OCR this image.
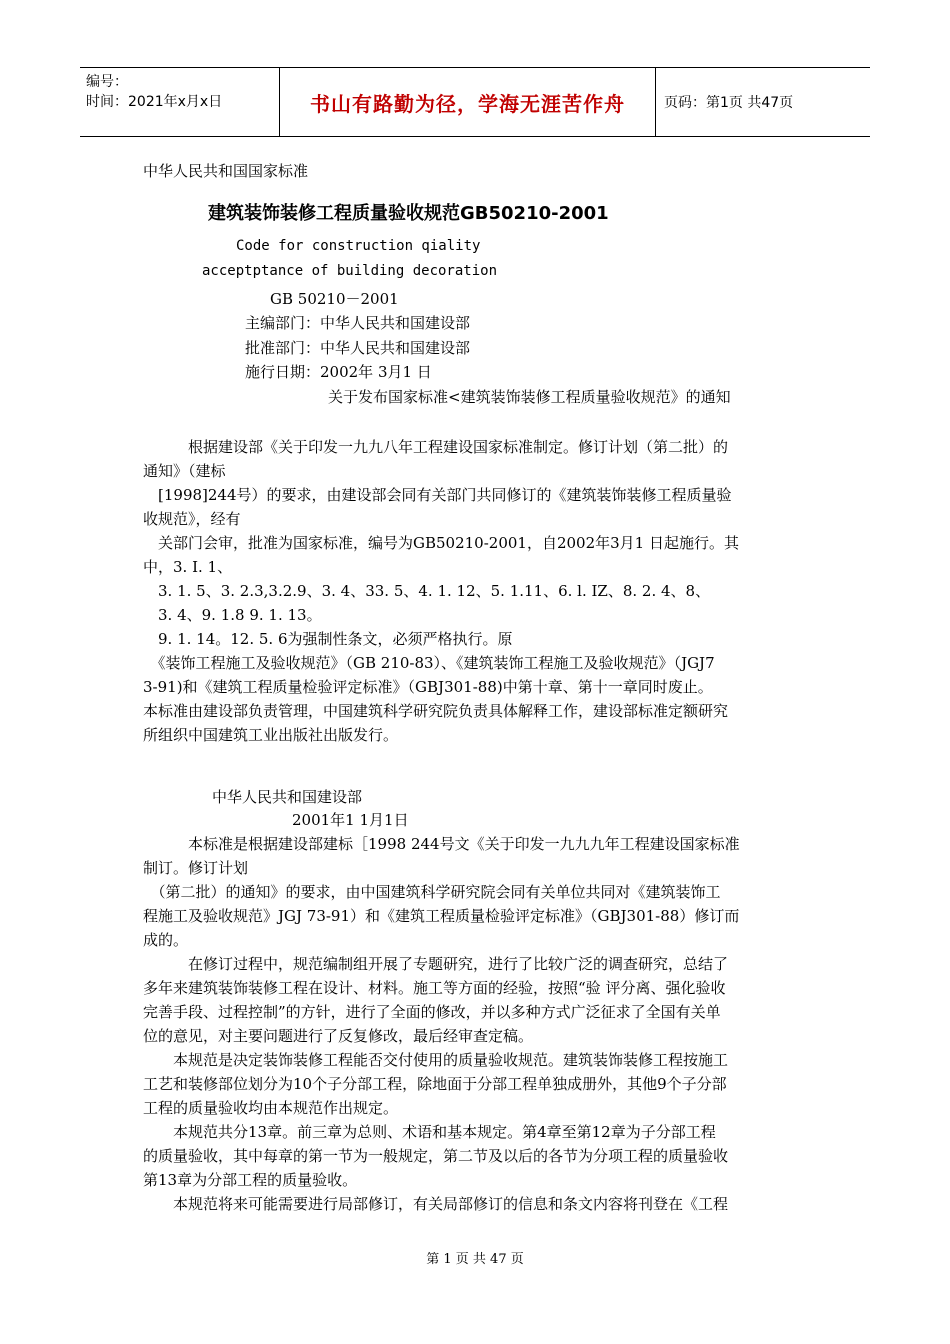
编号：
时间：2021年x月x日	书山有路勤为径，学海无涯苦作舟	页码：第1页 共47页
中华人民共和国国家标准
建筑装饰装修工程质量验收规范GB50210-2001
Code for construction qiality
acceptptance of building decoration
GB 50210－2001
主编部门：中华人民共和国建设部
批准部门：中华人民共和国建设部
施行日期：2002年 3月1 日
关于发布国家标准<建筑装饰装修工程质量验收规范》的通知

　　　根据建设部《关于印发一九九八年工程建设国家标准制定。修订计划（第二批）的

通知》（建标

　[1998]244号）的要求，由建设部会同有关部门共同修订的《建筑装饰装修工程质量验

收规范》，经有

　关部门会审，批准为国家标准，编号为GB50210-2001，自2002年3月1 日起施行。其

中，3. I. 1、

　3. 1. 5、3. 2.3,3.2.9、3. 4、33. 5、4. 1. 12、5. 1.11、6. l. IZ、8. 2. 4、8、

　3. 4、9. 1.8 9. 1. 13。

　9. 1. 14。12. 5. 6为强制性条文，必须严格执行。原

　《装饰工程施工及验收规范》（GB 210-83）、《建筑装饰工程施工及验收规范》（JGJ7

3-91)和《建筑工程质量检验评定标准》（GBJ301-88)中第十章、第十一章同时废止。

本标准由建设部负责管理，中国建筑科学研究院负责具体解释工作，建设部标准定额研究

所组织中国建筑工业出版社出版发行。

中华人民共和国建设部
2001年1 1月1日

　　　本标准是根据建设部建标［1998 244号文《关于印发一九九九年工程建设国家标准

制订。修订计划

　（第二批）的通知》的要求，由中国建筑科学研究院会同有关单位共同对《建筑装饰工

程施工及验收规范》JGJ 73-91）和《建筑工程质量检验评定标准》（GBJ301-88）修订而

成的。

　　　在修订过程中，规范编制组开展了专题研究，进行了比较广泛的调查研究，总结了

多年来建筑装饰装修工程在设计、材料。施工等方面的经验，按照“验 评分离、强化验收

完善手段、过程控制”的方针，进行了全面的修改，并以多种方式广泛征求了全国有关单

位的意见，对主要问题进行了反复修改，最后经审查定稿。

　　本规范是决定装饰装修工程能否交付使用的质量验收规范。建筑装饰装修工程按施工

工艺和装修部位划分为10个子分部工程，除地面于分部工程单独成册外，其他9个子分部

工程的质量验收均由本规范作出规定。

　　本规范共分13章。前三章为总则、术语和基本规定。第4章至第12章为子分部工程

的质量验收，其中每章的第一节为一般规定，第二节及以后的各节为分项工程的质量验收

第13章为分部工程的质量验收。

　　本规范将来可能需要进行局部修订，有关局部修订的信息和条文内容将刊登在《工程

第 1 页 共 47 页
